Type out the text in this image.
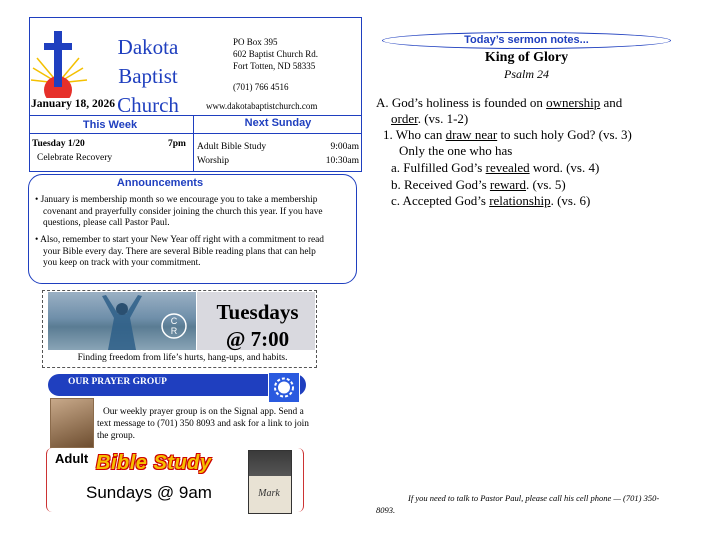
Dakota Baptist
Church
PO Box 395
602 Baptist Church Rd.
Fort Totten, ND 58335
(701) 766 4516
January 18, 2026	www.dakotabaptistchurch.com
This Week	Next Sunday
Tuesday 1/20	7pm
Celebrate Recovery
Adult Bible Study	9:00am
Worship	10:30am
Announcements
• January is membership month so we encourage you to take a membership covenant and prayerfully consider joining the church this year. If you have questions, please call Pastor Paul.
• Also, remember to start your New Year off right with a commitment to read your Bible every day. There are several Bible reading plans that can help you keep on track with your commitment.
C
R
Tuesdays
@ 7:00
Finding freedom from life’s hurts, hang-ups, and habits.
OUR PRAYER GROUP
Our weekly prayer group is on the Signal app. Send a text message to (701) 350 8093 and ask for a link to join the group.
Adult Bible Study
Sundays @ 9am	Mark
Today’s sermon notes...
King of Glory
Psalm 24
A. God’s holiness is founded on ownership and
order. (vs. 1-2)
1. Who can draw near to such holy God? (vs. 3)
Only the one who has
a. Fulfilled God’s revealed word. (vs. 4)
b. Received God’s reward. (vs. 5)
c. Accepted God’s relationship. (vs. 6)
If you need to talk to Pastor Paul, please call his cell phone — (701) 350-8093.
